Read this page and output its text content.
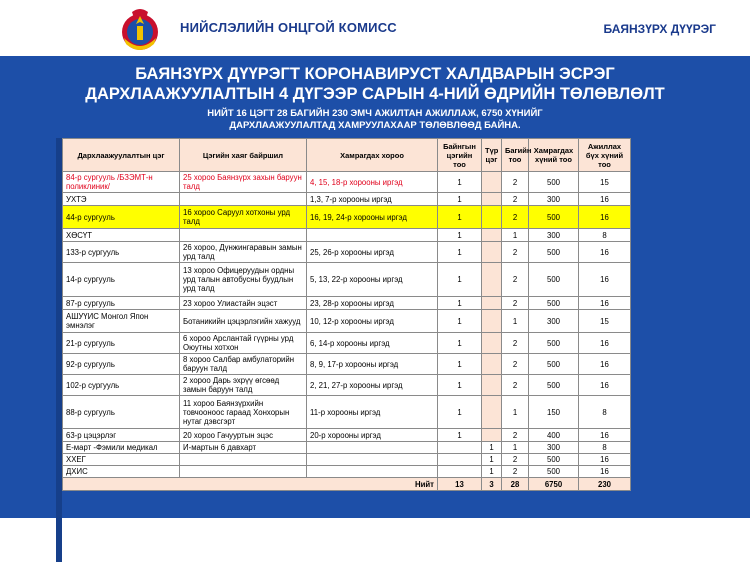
НИЙСЛЭЛИЙН ОНЦГОЙ КОМИСС	БАЯНЗҮРХ ДҮҮРЭГ
БАЯНЗҮРХ ДҮҮРЭГТ КОРОНАВИРУСТ ХАЛДВАРЫН ЭСРЭГ
ДАРХЛААЖУУЛАЛТЫН 4 ДҮГЭЭР САРЫН 4-НИЙ ӨДРИЙН ТӨЛӨВЛӨЛТ
НИЙТ 16 ЦЭГТ 28 БАГИЙН 230 ЭМЧ АЖИЛТАН АЖИЛЛАЖ, 6750 ХҮНИЙГ
ДАРХЛААЖУУЛАЛТАД ХАМРУУЛАХААР ТӨЛӨВЛӨӨД БАЙНА.
Дархлаажуулалтын цэг	Цэгийн хаяг байршил	Хамрагдах хороо	Байнгын цэгийн тоо	Түр цэг	Багийн тоо	Хамрагдах хүний тоо	Ажиллах бүх хүний тоо
84-р сургууль /БЗЭМТ-н поликлиник/	25 хороо Баянзүрх захын баруун талд	4, 15, 18-р хорооны иргэд	1		2	500	15
УХТЭ		1,3, 7-р хорооны иргэд	1		2	300	16
44-р сургууль	16 хороо Саруул хотхоны урд талд	16, 19, 24-р хорооны иргэд	1		2	500	16
ХӨСҮТ			1		1	300	8
133-р сургууль	26 хороо, Дүнжингаравын замын урд талд	25, 26-р хорооны иргэд	1		2	500	16
14-р сургууль	13 хороо Офицеруудын ордны урд талын автобусны буудлын урд талд	5, 13, 22-р хорооны иргэд	1		2	500	16
87-р сургууль	23 хороо Улиастайн эцэст	23, 28-р хорооны иргэд	1		2	500	16
АШУҮИС Монгол Япон эмнэлэг	Ботаникийн цэцэрлэгийн хажууд	10, 12-р хорооны иргэд	1		1	300	15
21-р сургууль	6 хороо Арслантай гүүрны урд Оюутны хотхон	6, 14-р хорооны иргэд	1		2	500	16
92-р сургууль	8 хороо Салбар амбулаторийн баруун талд	8, 9, 17-р хорооны иргэд	1		2	500	16
102-р сургууль	2 хороо Дарь эхрүү өгсөөд замын баруун талд	2, 21, 27-р хорооны иргэд	1		2	500	16
88-р сургууль	11 хороо Баянзүрхийн товчооноос гараад Хонхорын нутаг дэвсгэрт	11-р хорооны иргэд	1		1	150	8
63-р цэцэрлэг	20 хороо Гачууртын эцэс	20-р хорооны иргэд	1		2	400	16
Е-март -Фэмили медикал	И-мартын 6 давхарт			1	1	300	8
ХХЕГ				1	2	500	16
ДХИС				1	2	500	16
Нийт			13	3	28	6750	230
